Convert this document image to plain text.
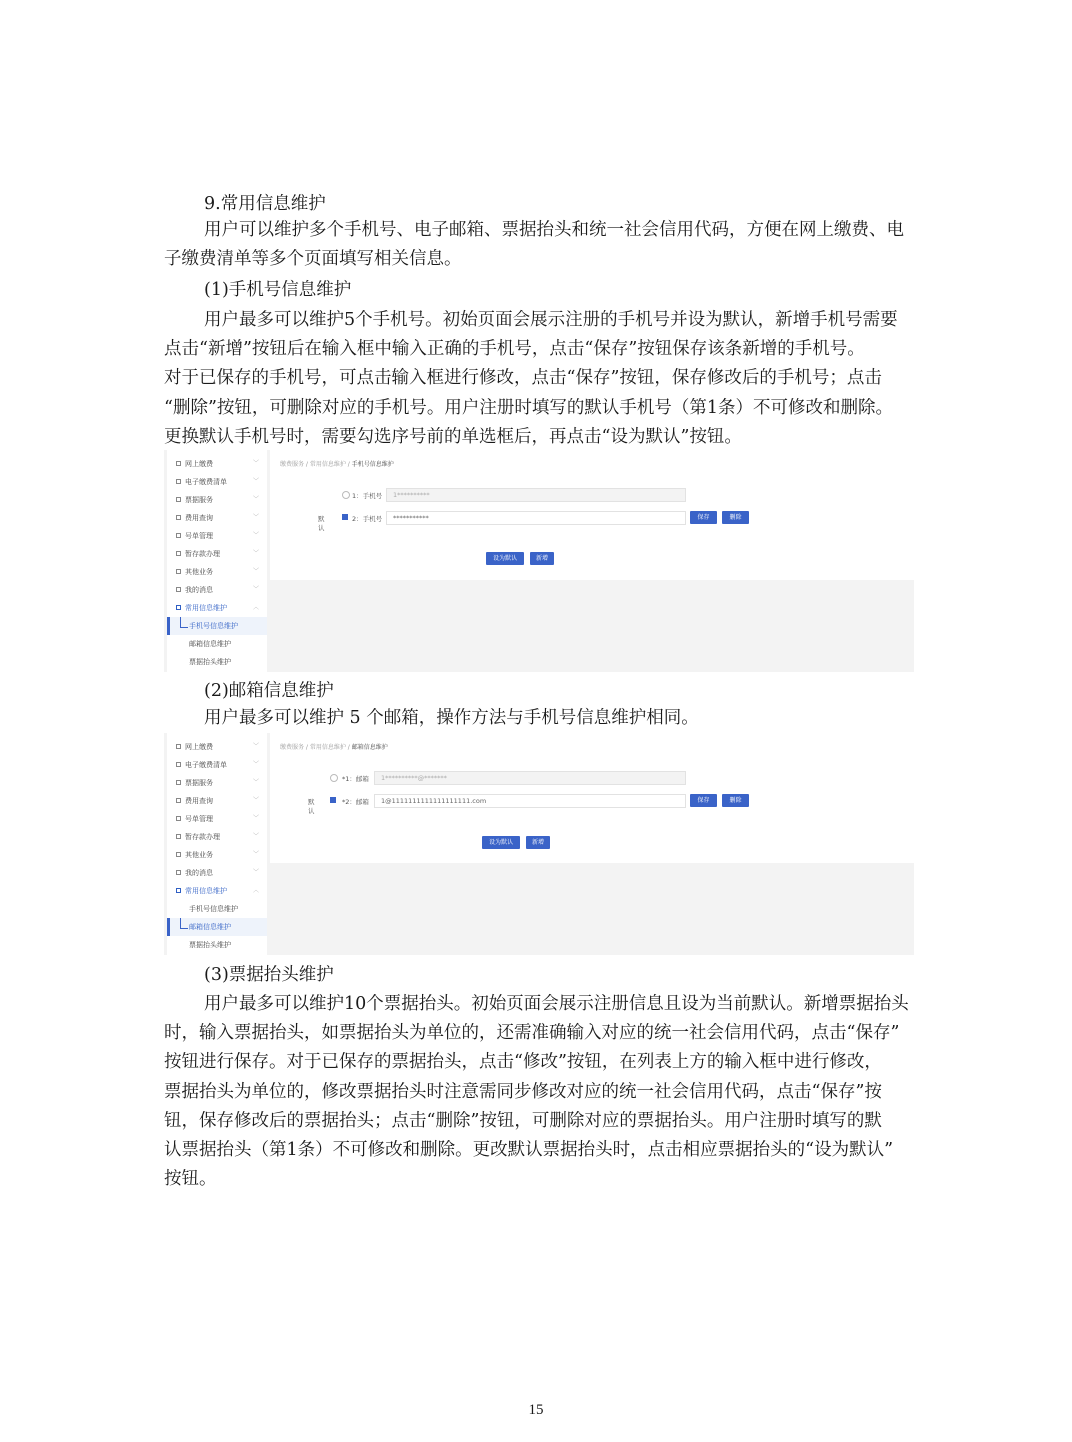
9.常用信息维护
用户可以维护多个手机号、电子邮箱、票据抬头和统一社会信用代码，方便在网上缴费、电
子缴费清单等多个页面填写相关信息。
(1)手机号信息维护
用户最多可以维护5个手机号。初始页面会展示注册的手机号并设为默认，新增手机号需要
点击“新增”按钮后在输入框中输入正确的手机号，点击“保存”按钮保存该条新增的手机号。
对于已保存的手机号，可点击输入框进行修改，点击“保存”按钮，保存修改后的手机号；点击
“删除”按钮，可删除对应的手机号。用户注册时填写的默认手机号（第1条）不可修改和删除。
更换默认手机号时，需要勾选序号前的单选框后，再点击“设为默认”按钮。
网上缴费	﹀
电子缴费清单	﹀
票据服务	﹀
费用查询	﹀
号单管理	﹀
暂存款办理	﹀
其他业务	﹀
我的消息	﹀
常用信息维护	︿
手机号信息维护
邮箱信息维护
票据抬头维护
缴费服务 / 常用信息维护 / 手机号信息维护
1：手机号	1**********
默认
2：手机号	***********	保存	删除
设为默认	新增
(2)邮箱信息维护
用户最多可以维护 5 个邮箱，操作方法与手机号信息维护相同。
网上缴费	﹀
电子缴费清单	﹀
票据服务	﹀
费用查询	﹀
号单管理	﹀
暂存款办理	﹀
其他业务	﹀
我的消息	﹀
常用信息维护	︿
手机号信息维护
邮箱信息维护
票据抬头维护
缴费服务 / 常用信息维护 / 邮箱信息维护
*1：邮箱	1**********@*******
默认
*2：邮箱	1@1111111111111111111.com	保存	删除
设为默认	新增
(3)票据抬头维护
用户最多可以维护10个票据抬头。初始页面会展示注册信息且设为当前默认。新增票据抬头
时，输入票据抬头，如票据抬头为单位的，还需准确输入对应的统一社会信用代码，点击“保存”
按钮进行保存。对于已保存的票据抬头，点击“修改”按钮，在列表上方的输入框中进行修改，
票据抬头为单位的，修改票据抬头时注意需同步修改对应的统一社会信用代码，点击“保存”按
钮，保存修改后的票据抬头；点击“删除”按钮，可删除对应的票据抬头。用户注册时填写的默
认票据抬头（第1条）不可修改和删除。更改默认票据抬头时，点击相应票据抬头的“设为默认”
按钮。
15
